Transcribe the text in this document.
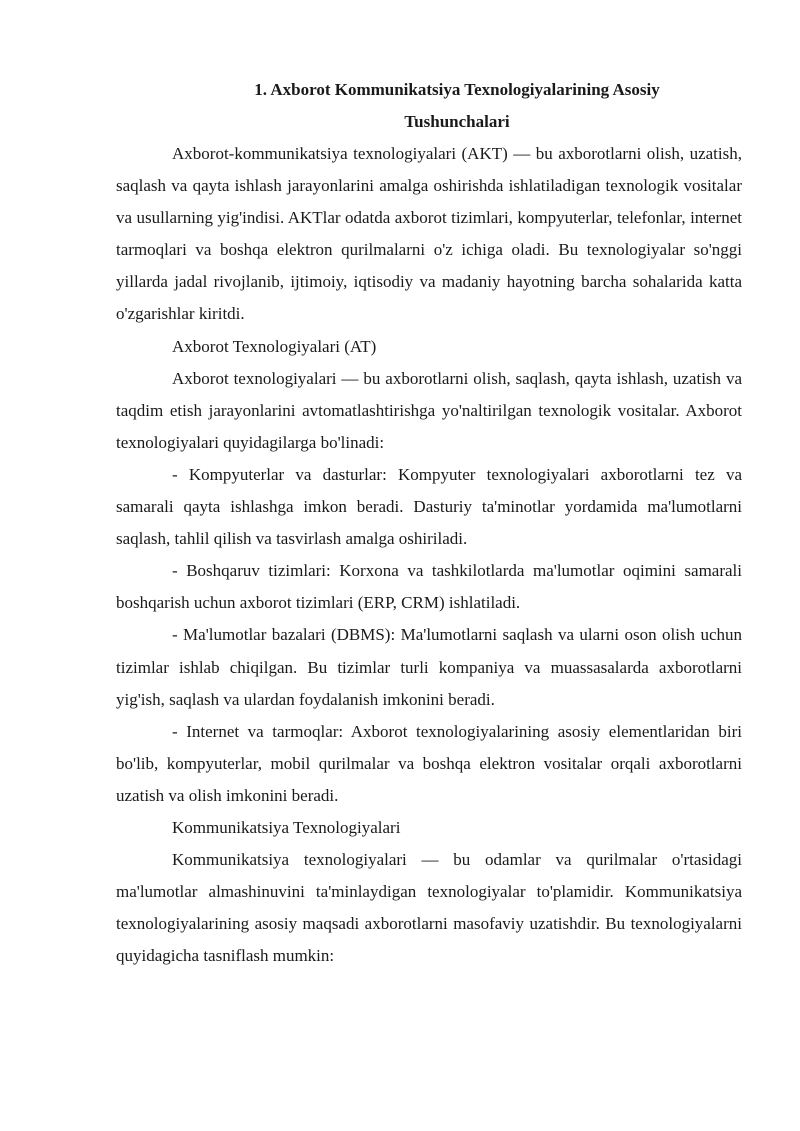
1. Axborot Kommunikatsiya Texnologiyalarining Asosiy
Tushunchalari

Axborot-kommunikatsiya texnologiyalari (AKT) — bu axborotlarni olish, uzatish, saqlash va qayta ishlash jarayonlarini amalga oshirishda ishlatiladigan texnologik vositalar va usullarning yig'indisi. AKTlar odatda axborot tizimlari, kompyuterlar, telefonlar, internet tarmoqlari va boshqa elektron qurilmalarni o'z ichiga oladi. Bu texnologiyalar so'nggi yillarda jadal rivojlanib, ijtimoiy, iqtisodiy va madaniy hayotning barcha sohalarida katta o'zgarishlar kiritdi.

Axborot Texnologiyalari (AT)

Axborot texnologiyalari — bu axborotlarni olish, saqlash, qayta ishlash, uzatish va taqdim etish jarayonlarini avtomatlashtirishga yo'naltirilgan texnologik vositalar. Axborot texnologiyalari quyidagilarga bo'linadi:

- Kompyuterlar va dasturlar: Kompyuter texnologiyalari axborotlarni tez va samarali qayta ishlashga imkon beradi. Dasturiy ta'minotlar yordamida ma'lumotlarni saqlash, tahlil qilish va tasvirlash amalga oshiriladi.

- Boshqaruv tizimlari: Korxona va tashkilotlarda ma'lumotlar oqimini samarali boshqarish uchun axborot tizimlari (ERP, CRM) ishlatiladi.

- Ma'lumotlar bazalari (DBMS): Ma'lumotlarni saqlash va ularni oson olish uchun tizimlar ishlab chiqilgan. Bu tizimlar turli kompaniya va muassasalarda axborotlarni yig'ish, saqlash va ulardan foydalanish imkonini beradi.

- Internet va tarmoqlar: Axborot texnologiyalarining asosiy elementlaridan biri bo'lib, kompyuterlar, mobil qurilmalar va boshqa elektron vositalar orqali axborotlarni uzatish va olish imkonini beradi.

Kommunikatsiya Texnologiyalari

Kommunikatsiya texnologiyalari — bu odamlar va qurilmalar o'rtasidagi ma'lumotlar almashinuvini ta'minlaydigan texnologiyalar to'plamidir. Kommunikatsiya texnologiyalarining asosiy maqsadi axborotlarni masofaviy uzatishdir. Bu texnologiyalarni quyidagicha tasniflash mumkin:
